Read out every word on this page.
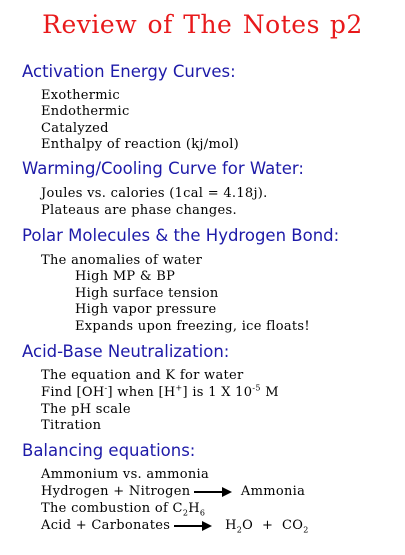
Review of The Notes p2
Activation Energy Curves:
Exothermic
Endothermic
Catalyzed
Enthalpy of reaction (kj/mol)
Warming/Cooling Curve for Water:
Joules vs. calories (1cal = 4.18j).
Plateaus are phase changes.
Polar Molecules & the Hydrogen Bond:
The anomalies of water
High MP & BP
High surface tension
High vapor pressure
Expands upon freezing, ice floats!
Acid-Base Neutralization:
The equation and K for water
Find [OH-] when [H+] is 1 X $10^{-5}$ M
The pH scale
Titration
Balancing equations:
Ammonium vs. ammonia
Hydrogen + Nitrogen	Ammonia
The combustion of $C_2H_6$
Acid + Carbonates	$H_2O + CO_2$
